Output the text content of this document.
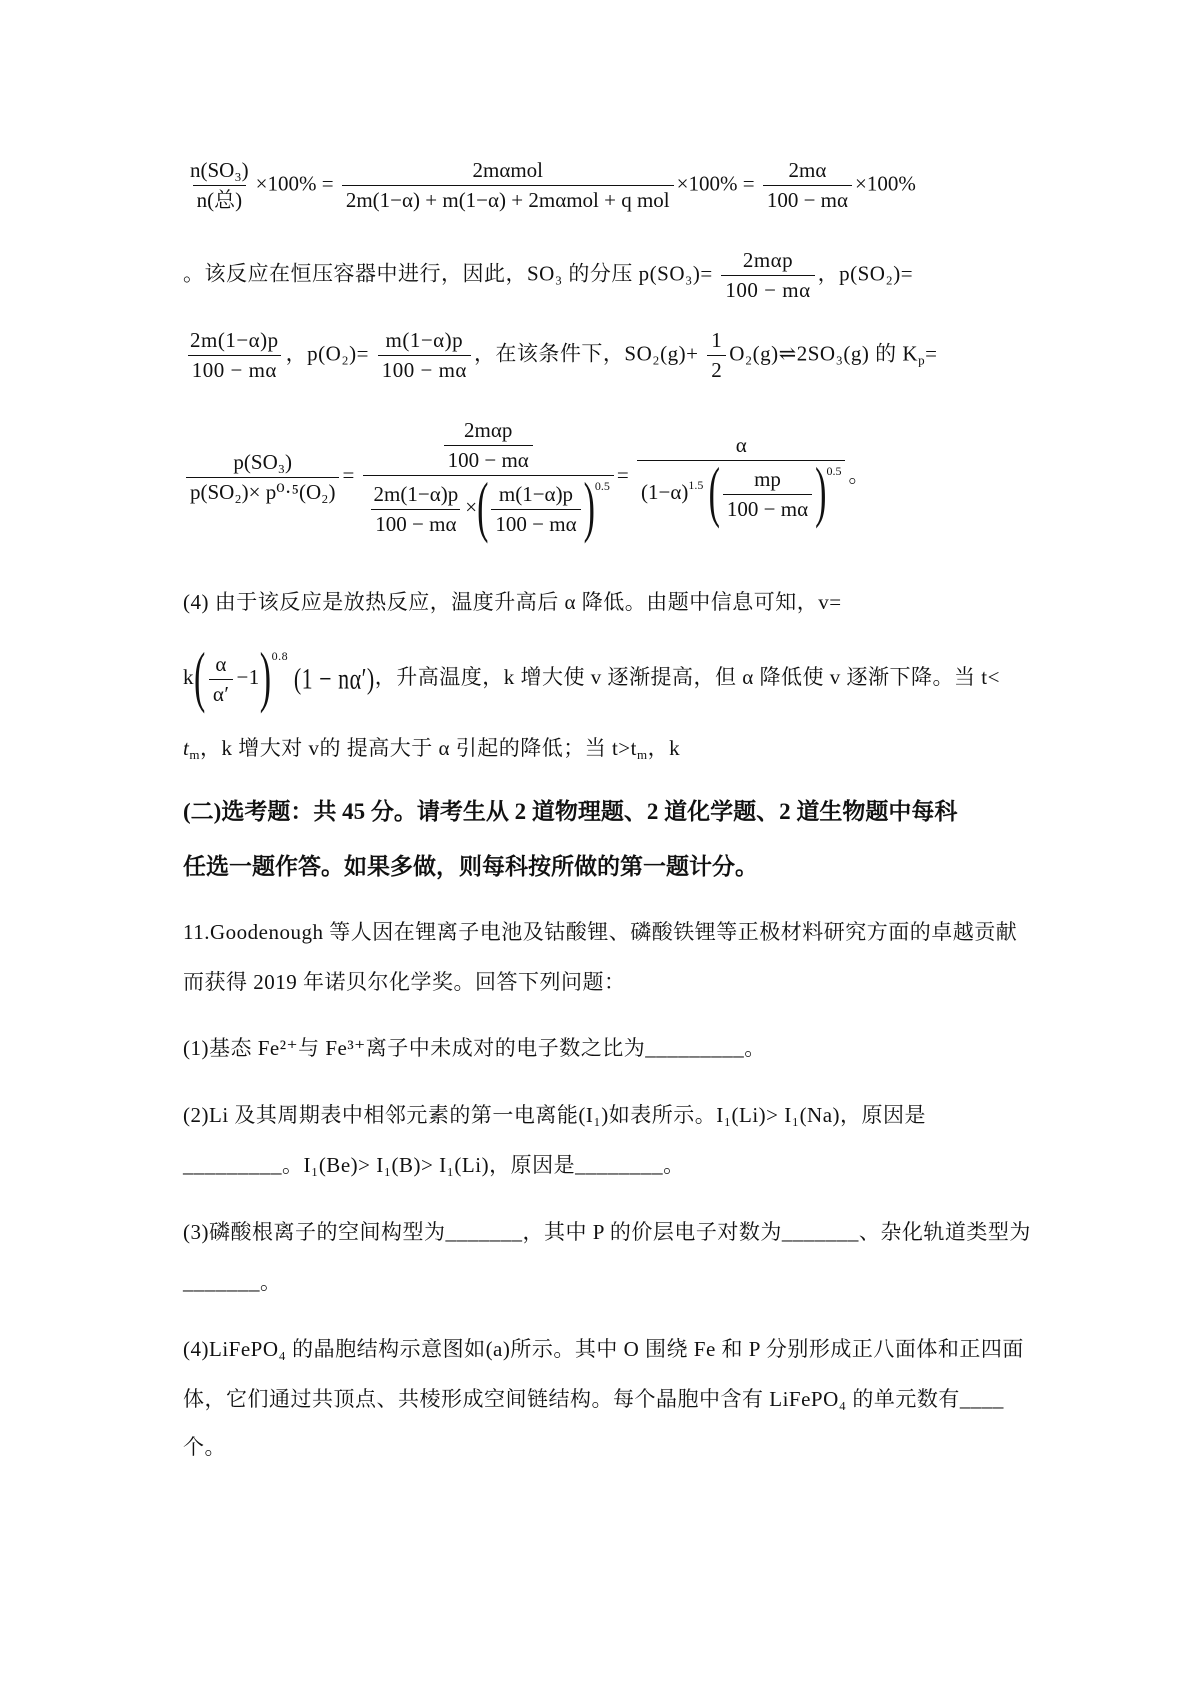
$\frac{\text{n(SO₃)}}{\text{n(总)}} \times 100\% = \frac{\text{2mαmol}}{\text{2m(1−α) + m(1−α) + 2mαmol + q mol}} \times 100\% = \frac{2m\alpha}{100 - m\alpha} \times 100\%$
。该反应在恒压容器中进行，因此，SO₃ 的分压 $p(SO_3)= \frac{\text{2mαp}}{100 - m\alpha}$ ，p(SO₂)=
$\frac{2m(1-\alpha)p}{100 - m\alpha}$ ，$p(O_2)= \frac{m(1-\alpha)p}{100 - m\alpha}$ ，在该条件下，$SO_2(g)+ \frac{1}{2}$ O₂(g)⇌2SO₃(g) 的 $K_p=$
$\frac{\text{p(SO₃)}}{\text{p(SO₂)× p⁰·⁵(O₂)}}$ =
$\frac{\text{2mαp}}{100 - m\alpha}$
$\frac{2m(1-\alpha)p}{100 - m\alpha}$ ×( $\frac{m(1-\alpha)p}{100 - m\alpha} )^{0.5} = \frac{\alpha}{(1-\alpha)^{1.5} ( \frac{mp}{100 - m\alpha} )^{0.5}}$ 。
(4) 由于该反应是放热反应，温度升高后 α 降低。由题中信息可知，v=
$k( \frac{\alpha}{\alpha'} -1)^{0.8}$ (1 − nα′)，升高温度，k 增大使 v 逐渐提高，但 α 降低使 v 逐渐下降。当 t<
$t_m$，k 增大对 v的 提高大于 α 引起的降低；当 $t>t_m$，k
(二)选考题：共 45 分。请考生从 2 道物理题、2 道化学题、2 道生物题中每科
任选一题作答。如果多做，则每科按所做的第一题计分。
11.Goodenough 等人因在锂离子电池及钴酸锂、磷酸铁锂等正极材料研究方面的卓越贡献
而获得 2019 年诺贝尔化学奖。回答下列问题：
(1)基态 Fe²⁺与 Fe³⁺离子中未成对的电子数之比为_________。
(2)Li 及其周期表中相邻元素的第一电离能(I₁)如表所示。I₁(Li)> I₁(Na)，原因是
_________。I₁(Be)> I₁(B)> I₁(Li)，原因是________。
(3)磷酸根离子的空间构型为_______，其中 P 的价层电子对数为_______、杂化轨道类型为
_______。
(4)LiFePO₄ 的晶胞结构示意图如(a)所示。其中 O 围绕 Fe 和 P 分别形成正八面体和正四面
体，它们通过共顶点、共棱形成空间链结构。每个晶胞中含有 LiFePO₄ 的单元数有____
个。
